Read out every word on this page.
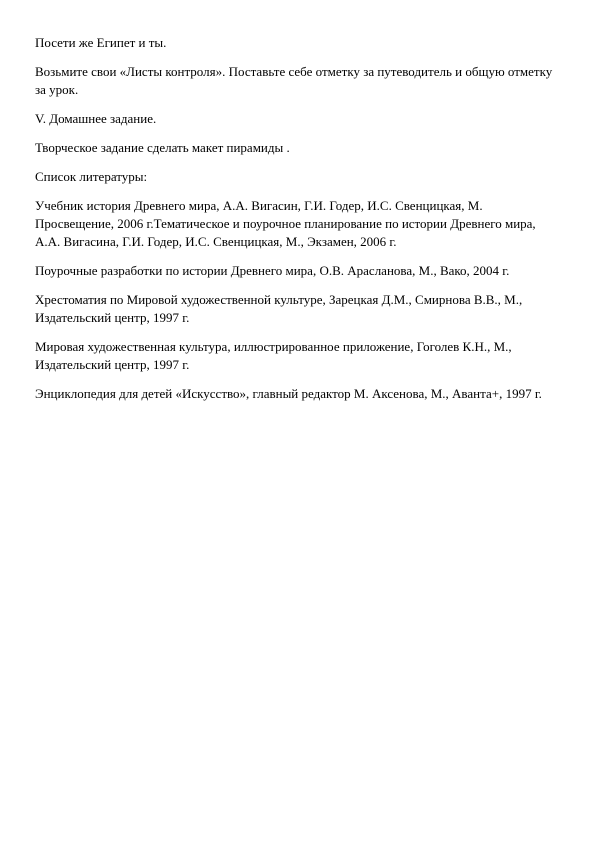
Посети же Египет и ты.

Возьмите свои «Листы контроля». Поставьте себе отметку за путеводитель и общую отметку за урок.

V. Домашнее задание.

Творческое задание сделать макет пирамиды .

Список литературы:

Учебник история Древнего мира, А.А. Вигасин, Г.И. Годер, И.С. Свенцицкая, М. Просвещение, 2006 г.Тематическое и поурочное планирование по истории Древнего мира, А.А. Вигасина, Г.И. Годер, И.С. Свенцицкая, М., Экзамен, 2006 г.

Поурочные разработки по истории Древнего мира, О.В. Арасланова, М., Вако, 2004 г.

Хрестоматия по Мировой художественной культуре, Зарецкая Д.М., Смирнова В.В., М., Издательский центр, 1997 г.

Мировая художественная культура, иллюстрированное приложение, Гоголев К.Н., М., Издательский центр, 1997 г.

Энциклопедия для детей «Искусство», главный редактор М. Аксенова, М., Аванта+, 1997 г.
